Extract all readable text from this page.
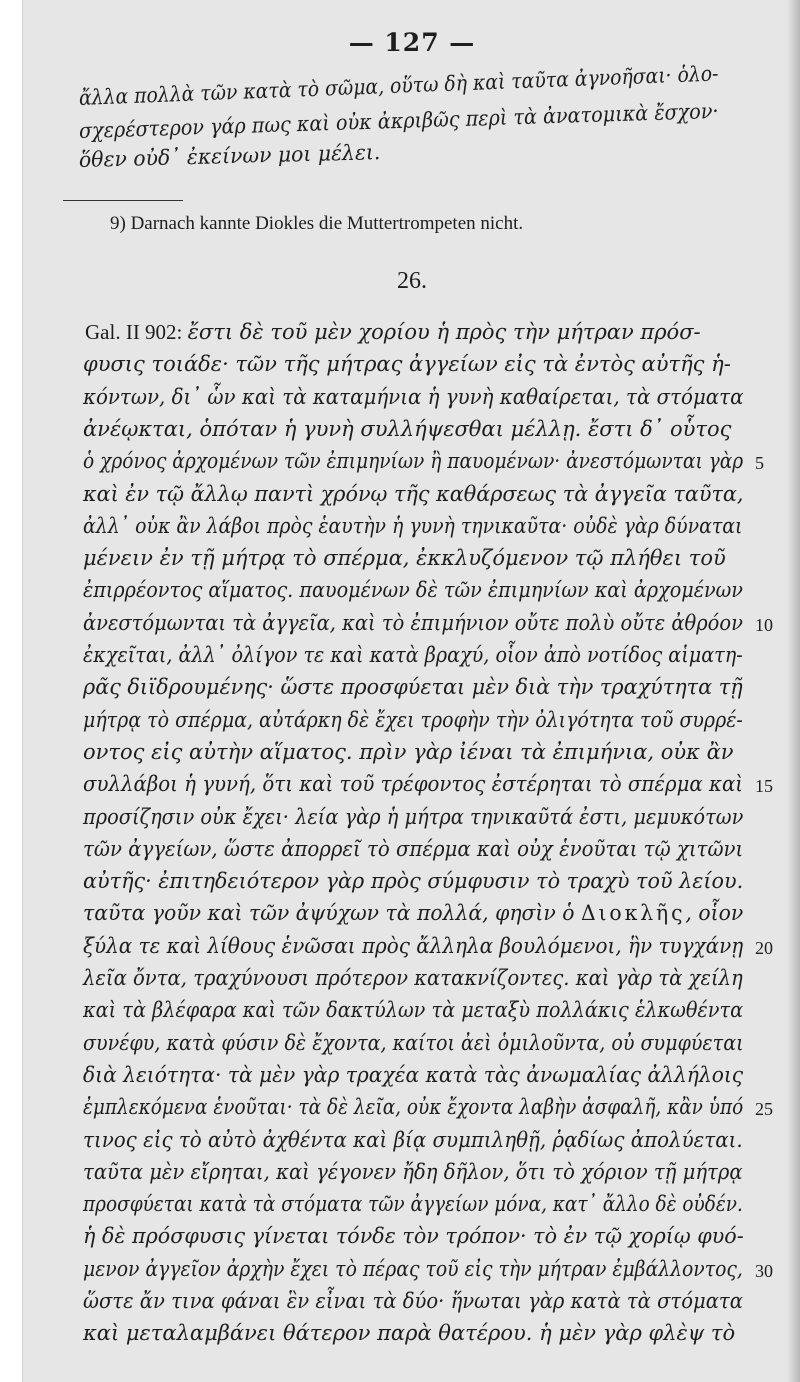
— 127 —
ἄλλα πολλὰ τῶν κατὰ τὸ σῶμα, οὕτω δὴ καὶ ταῦτα ἀγνοῆσαι· ὁλο-
σχερέστερον γάρ πως καὶ οὐκ ἀκριβῶς περὶ τὰ ἀνατομικὰ ἔσχον·
ὅθεν οὐδ᾽ ἐκείνων μοι μέλει.
9) Darnach kannte Diokles die Muttertrompeten nicht.
26.
Gal. II 902: ἔστι δὲ τοῦ μὲν χορίου ἡ πρὸς τὴν μήτραν πρόσ-
φυσις τοιάδε· τῶν τῆς μήτρας ἀγγείων εἰς τὰ ἐντὸς αὐτῆς ἡ-
κόντων, δι᾽ ὧν καὶ τὰ καταμήνια ἡ γυνὴ καθαίρεται, τὰ στόματα
ἀνέῳκται, ὁπόταν ἡ γυνὴ συλλήψεσθαι μέλλῃ. ἔστι δ᾽ οὗτος
ὁ χρόνος ἀρχομένων τῶν ἐπιμηνίων ἢ παυομένων· ἀνεστόμωνται γὰρ 5
καὶ ἐν τῷ ἄλλῳ παντὶ χρόνῳ τῆς καθάρσεως τὰ ἀγγεῖα ταῦτα,
ἀλλ᾽ οὐκ ἂν λάβοι πρὸς ἑαυτὴν ἡ γυνὴ τηνικαῦτα· οὐδὲ γὰρ δύναται
μένειν ἐν τῇ μήτρᾳ τὸ σπέρμα, ἐκκλυζόμενον τῷ πλήθει τοῦ
ἐπιρρέοντος αἵματος. παυομένων δὲ τῶν ἐπιμηνίων καὶ ἀρχομένων
ἀνεστόμωνται τὰ ἀγγεῖα, καὶ τὸ ἐπιμήνιον οὔτε πολὺ οὔτε ἀθρόον 10
ἐκχεῖται, ἀλλ᾽ ὀλίγον τε καὶ κατὰ βραχύ, οἷον ἀπὸ νοτίδος αἱματη-
ρᾶς διϊδρουμένης· ὥστε προσφύεται μὲν διὰ τὴν τραχύτητα τῇ
μήτρᾳ τὸ σπέρμα, αὐτάρκη δὲ ἔχει τροφὴν τὴν ὀλιγότητα τοῦ συρρέ-
οντος εἰς αὐτὴν αἵματος. πρὶν γὰρ ἰέναι τὰ ἐπιμήνια, οὐκ ἂν
συλλάβοι ἡ γυνή, ὅτι καὶ τοῦ τρέφοντος ἐστέρηται τὸ σπέρμα καὶ 15
προσίζησιν οὐκ ἔχει· λεία γὰρ ἡ μήτρα τηνικαῦτά ἐστι, μεμυκότων
τῶν ἀγγείων, ὥστε ἀπορρεῖ τὸ σπέρμα καὶ οὐχ ἑνοῦται τῷ χιτῶνι
αὐτῆς· ἐπιτηδειότερον γὰρ πρὸς σύμφυσιν τὸ τραχὺ τοῦ λείου.
ταῦτα γοῦν καὶ τῶν ἀψύχων τὰ πολλά, φησὶν ὁ Διοκλῆς, οἷον
ξύλα τε καὶ λίθους ἑνῶσαι πρὸς ἄλληλα βουλόμενοι, ἣν τυγχάνῃ 20
λεῖα ὄντα, τραχύνουσι πρότερον κατακνίζοντες. καὶ γὰρ τὰ χείλη
καὶ τὰ βλέφαρα καὶ τῶν δακτύλων τὰ μεταξὺ πολλάκις ἑλκωθέντα
συνέφυ, κατὰ φύσιν δὲ ἔχοντα, καίτοι ἀεὶ ὁμιλοῦντα, οὐ συμφύεται
διὰ λειότητα· τὰ μὲν γὰρ τραχέα κατὰ τὰς ἀνωμαλίας ἀλλήλοις
ἐμπλεκόμενα ἑνοῦται· τὰ δὲ λεῖα, οὐκ ἔχοντα λαβὴν ἀσφαλῆ, κἂν ὑπό 25
τινος εἰς τὸ αὐτὸ ἀχθέντα καὶ βίᾳ συμπιληθῇ, ῥᾳδίως ἀπολύεται.
ταῦτα μὲν εἴρηται, καὶ γέγονεν ἤδη δῆλον, ὅτι τὸ χόριον τῇ μήτρᾳ
προσφύεται κατὰ τὰ στόματα τῶν ἀγγείων μόνα, κατ᾽ ἄλλο δὲ οὐδέν.
ἡ δὲ πρόσφυσις γίνεται τόνδε τὸν τρόπον· τὸ ἐν τῷ χορίῳ φυό-
μενον ἀγγεῖον ἀρχὴν ἔχει τὸ πέρας τοῦ εἰς τὴν μήτραν ἐμβάλλοντος, 30
ὥστε ἄν τινα φάναι ἓν εἶναι τὰ δύο· ἥνωται γὰρ κατὰ τὰ στόματα
καὶ μεταλαμβάνει θάτερον παρὰ θατέρου. ἡ μὲν γὰρ φλὲψ τὸ
